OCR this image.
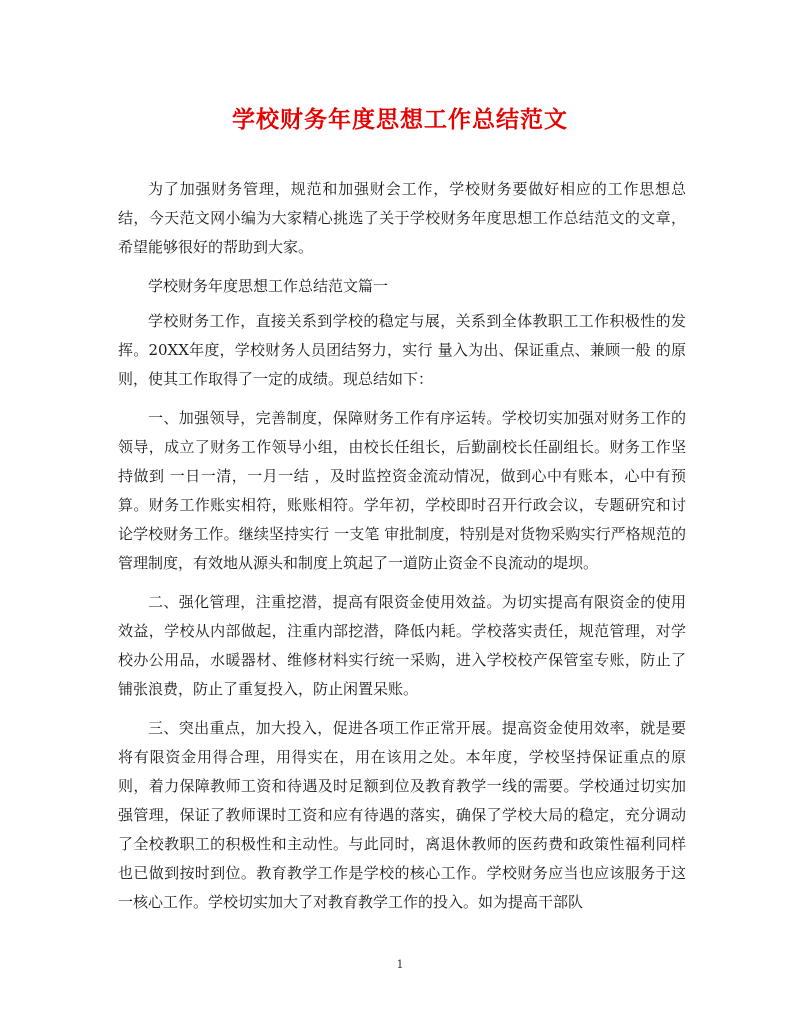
学校财务年度思想工作总结范文

为了加强财务管理，规范和加强财会工作，学校财务要做好相应的工作思想总结，今天范文网小编为大家精心挑选了关于学校财务年度思想工作总结范文的文章，希望能够很好的帮助到大家。

学校财务年度思想工作总结范文篇一

学校财务工作，直接关系到学校的稳定与展，关系到全体教职工工作积极性的发挥。20XX年度，学校财务人员团结努力，实行 量入为出、保证重点、兼顾一般 的原则，使其工作取得了一定的成绩。现总结如下：

一、加强领导，完善制度，保障财务工作有序运转。学校切实加强对财务工作的领导，成立了财务工作领导小组，由校长任组长，后勤副校长任副组长。财务工作坚持做到 一日一清，一月一结 ，及时监控资金流动情况，做到心中有账本，心中有预算。财务工作账实相符，账账相符。学年初，学校即时召开行政会议，专题研究和讨论学校财务工作。继续坚持实行 一支笔 审批制度，特别是对货物采购实行严格规范的管理制度，有效地从源头和制度上筑起了一道防止资金不良流动的堤坝。

二、强化管理，注重挖潜，提高有限资金使用效益。为切实提高有限资金的使用效益，学校从内部做起，注重内部挖潜，降低内耗。学校落实责任，规范管理，对学校办公用品，水暖器材、维修材料实行统一采购，进入学校校产保管室专账，防止了铺张浪费，防止了重复投入，防止闲置呆账。

三、突出重点，加大投入，促进各项工作正常开展。提高资金使用效率，就是要将有限资金用得合理，用得实在，用在该用之处。本年度，学校坚持保证重点的原则，着力保障教师工资和待遇及时足额到位及教育教学一线的需要。学校通过切实加强管理，保证了教师课时工资和应有待遇的落实，确保了学校大局的稳定，充分调动了全校教职工的积极性和主动性。与此同时，离退休教师的医药费和政策性福利同样也已做到按时到位。教育教学工作是学校的核心工作。学校财务应当也应该服务于这一核心工作。学校切实加大了对教育教学工作的投入。如为提高干部队

1
